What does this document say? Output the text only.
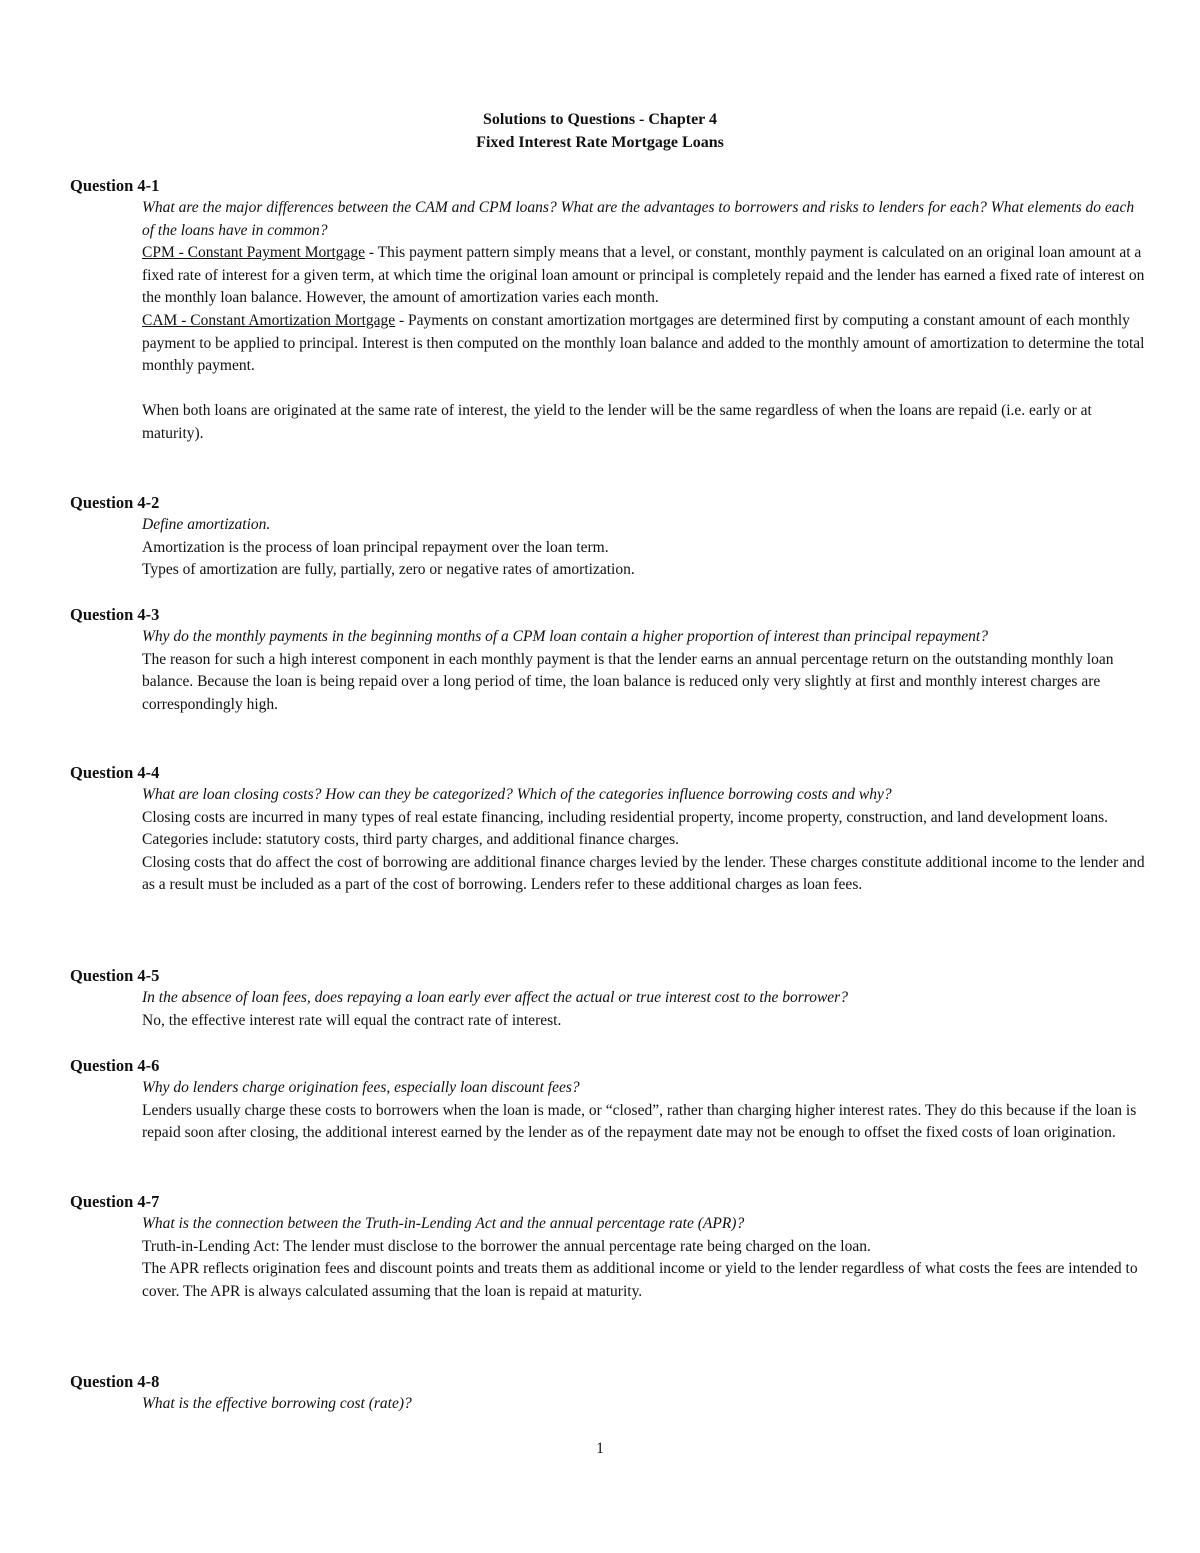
Solutions to Questions - Chapter 4
Fixed Interest Rate Mortgage Loans
Question 4-1
What are the major differences between the CAM and CPM loans? What are the advantages to borrowers and risks to lenders for each? What elements do each of the loans have in common?
CPM - Constant Payment Mortgage - This payment pattern simply means that a level, or constant, monthly payment is calculated on an original loan amount at a fixed rate of interest for a given term, at which time the original loan amount or principal is completely repaid and the lender has earned a fixed rate of interest on the monthly loan balance. However, the amount of amortization varies each month.
CAM - Constant Amortization Mortgage - Payments on constant amortization mortgages are determined first by computing a constant amount of each monthly payment to be applied to principal. Interest is then computed on the monthly loan balance and added to the monthly amount of amortization to determine the total monthly payment.
When both loans are originated at the same rate of interest, the yield to the lender will be the same regardless of when the loans are repaid (i.e. early or at maturity).
Question 4-2
Define amortization.
Amortization is the process of loan principal repayment over the loan term.
Types of amortization are fully, partially, zero or negative rates of amortization.
Question 4-3
Why do the monthly payments in the beginning months of a CPM loan contain a higher proportion of interest than principal repayment?
The reason for such a high interest component in each monthly payment is that the lender earns an annual percentage return on the outstanding monthly loan balance. Because the loan is being repaid over a long period of time, the loan balance is reduced only very slightly at first and monthly interest charges are correspondingly high.
Question 4-4
What are loan closing costs? How can they be categorized? Which of the categories influence borrowing costs and why?
Closing costs are incurred in many types of real estate financing, including residential property, income property, construction, and land development loans.
Categories include: statutory costs, third party charges, and additional finance charges.
Closing costs that do affect the cost of borrowing are additional finance charges levied by the lender. These charges constitute additional income to the lender and as a result must be included as a part of the cost of borrowing. Lenders refer to these additional charges as loan fees.
Question 4-5
In the absence of loan fees, does repaying a loan early ever affect the actual or true interest cost to the borrower?
No, the effective interest rate will equal the contract rate of interest.
Question 4-6
Why do lenders charge origination fees, especially loan discount fees?
Lenders usually charge these costs to borrowers when the loan is made, or “closed”, rather than charging higher interest rates. They do this because if the loan is repaid soon after closing, the additional interest earned by the lender as of the repayment date may not be enough to offset the fixed costs of loan origination.
Question 4-7
What is the connection between the Truth-in-Lending Act and the annual percentage rate (APR)?
Truth-in-Lending Act: The lender must disclose to the borrower the annual percentage rate being charged on the loan.
The APR reflects origination fees and discount points and treats them as additional income or yield to the lender regardless of what costs the fees are intended to cover. The APR is always calculated assuming that the loan is repaid at maturity.
Question 4-8
What is the effective borrowing cost (rate)?
1
